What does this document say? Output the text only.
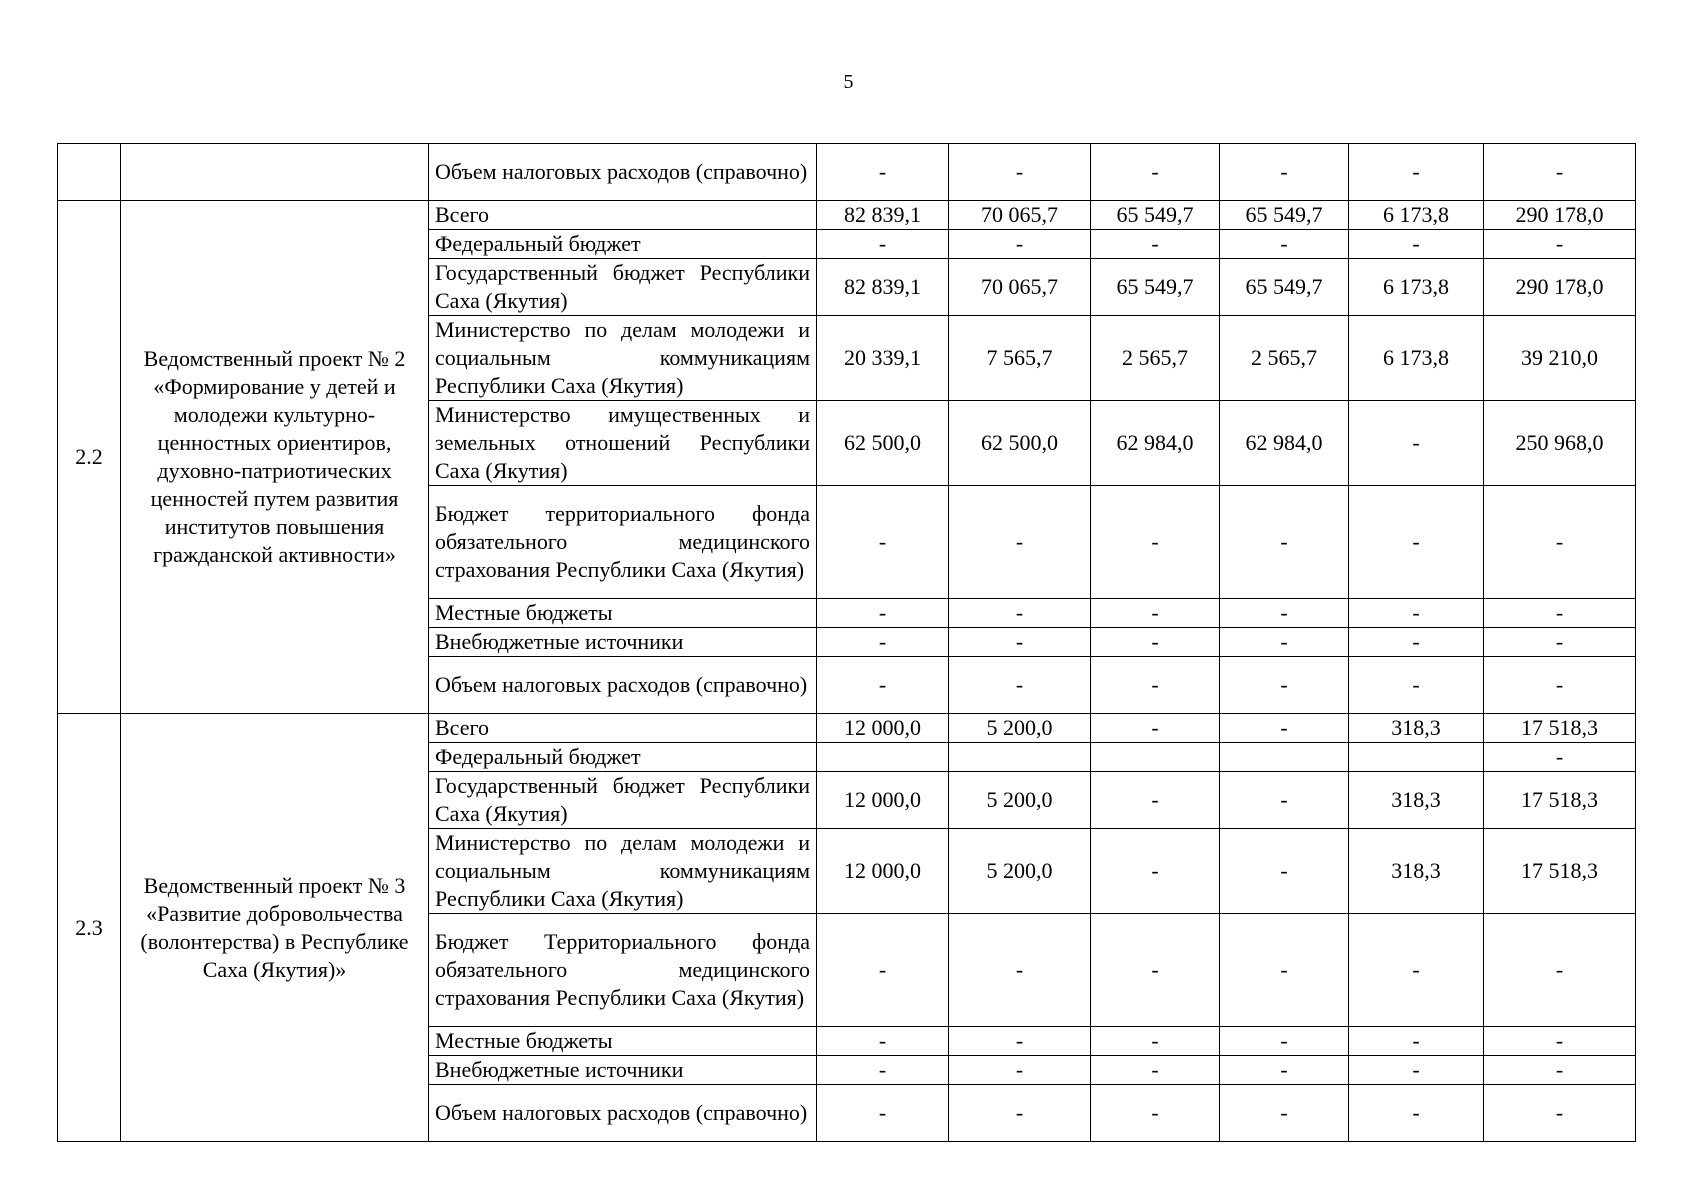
5
		Объем налоговых расходов (справочно)	-	-	-	-	-	-
2.2	Ведомственный проект № 2 «Формирование у детей и молодежи культурно-ценностных ориентиров, духовно-патриотических ценностей путем развития институтов повышения гражданской активности»	Всего	82 839,1	70 065,7	65 549,7	65 549,7	6 173,8	290 178,0
		Федеральный бюджет	-	-	-	-	-	-
		Государственный бюджет Республики Саха (Якутия)	82 839,1	70 065,7	65 549,7	65 549,7	6 173,8	290 178,0
		Министерство по делам молодежи и социальным коммуникациям Республики Саха (Якутия)	20 339,1	7 565,7	2 565,7	2 565,7	6 173,8	39 210,0
		Министерство имущественных и земельных отношений Республики Саха (Якутия)	62 500,0	62 500,0	62 984,0	62 984,0	-	250 968,0
		Бюджет территориального фонда обязательного медицинского страхования Республики Саха (Якутия)	-	-	-	-	-	-
		Местные бюджеты	-	-	-	-	-	-
		Внебюджетные источники	-	-	-	-	-	-
		Объем налоговых расходов (справочно)	-	-	-	-	-	-
2.3	Ведомственный проект № 3 «Развитие добровольчества (волонтерства) в Республике Саха (Якутия)»	Всего	12 000,0	5 200,0	-	-	318,3	17 518,3
		Федеральный бюджет						-
		Государственный бюджет Республики Саха (Якутия)	12 000,0	5 200,0	-	-	318,3	17 518,3
		Министерство по делам молодежи и социальным коммуникациям Республики Саха (Якутия)	12 000,0	5 200,0	-	-	318,3	17 518,3
		Бюджет Территориального фонда обязательного медицинского страхования Республики Саха (Якутия)	-	-	-	-	-	-
		Местные бюджеты	-	-	-	-	-	-
		Внебюджетные источники	-	-	-	-	-	-
		Объем налоговых расходов (справочно)	-	-	-	-	-	-
